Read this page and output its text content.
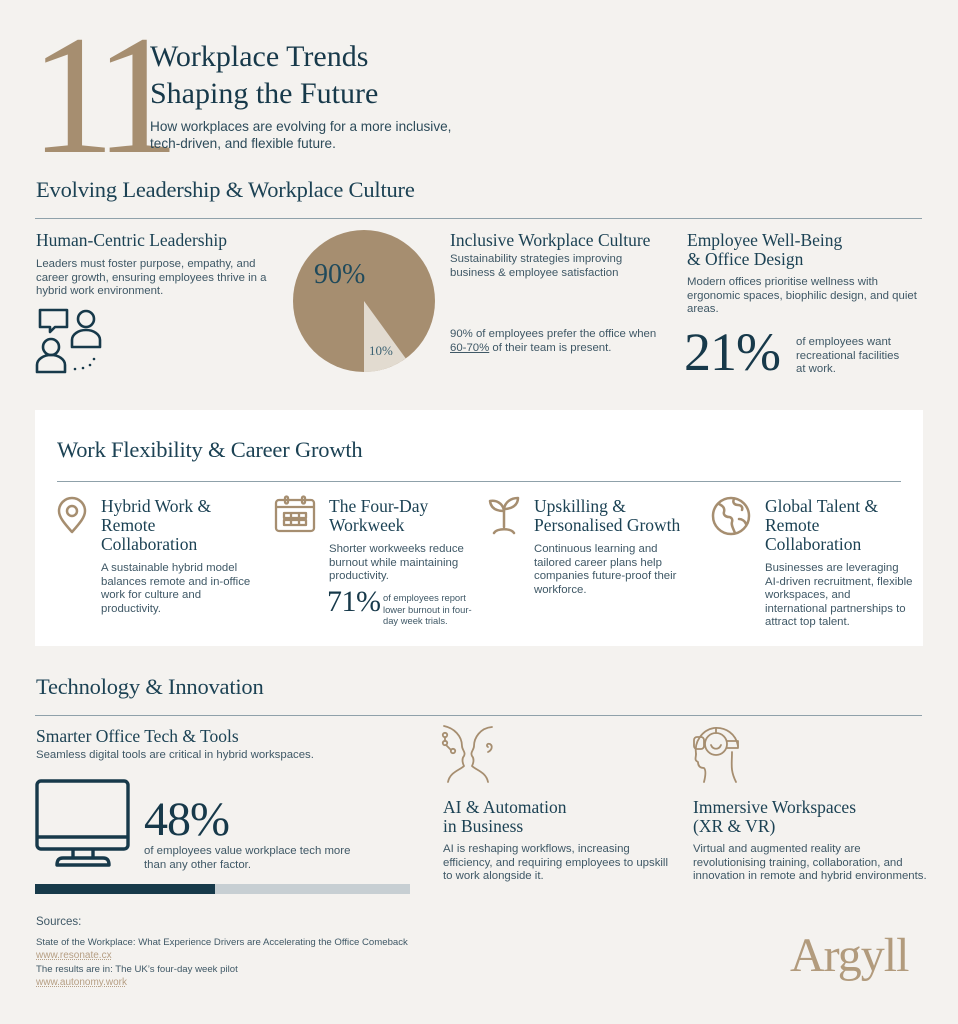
11
Workplace Trends
Shaping the Future
How workplaces are evolving for a more inclusive,
tech-driven, and flexible future.
Evolving Leadership & Workplace Culture
Human-Centric Leadership
Leaders must foster purpose, empathy, and career growth, ensuring employees thrive in a hybrid work environment.
90%
10%
Inclusive Workplace Culture
Sustainability strategies improving business & employee satisfaction
90% of employees prefer the office when
60-70% of their team is present.
Employee Well-Being
& Office Design
Modern offices prioritise wellness with ergonomic spaces, biophilic design, and quiet areas.
21% of employees want recreational facilities at work.
Work Flexibility & Career Growth
Hybrid Work & Remote Collaboration
A sustainable hybrid model balances remote and in-office work for culture and productivity.
The Four-Day Workweek
Shorter workweeks reduce burnout while maintaining productivity.
71% of employees report lower burnout in four-day week trials.
Upskilling & Personalised Growth
Continuous learning and tailored career plans help companies future-proof their workforce.
Global Talent & Remote Collaboration
Businesses are leveraging AI-driven recruitment, flexible workspaces, and international partnerships to attract top talent.
Technology & Innovation
Smarter Office Tech & Tools
Seamless digital tools are critical in hybrid workspaces.
48%
of employees value workplace tech more than any other factor.
AI & Automation
in Business
AI is reshaping workflows, increasing efficiency, and requiring employees to upskill to work alongside it.
Immersive Workspaces
(XR & VR)
Virtual and augmented reality are revolutionising training, collaboration, and innovation in remote and hybrid environments.
Sources:
State of the Workplace: What Experience Drivers are Accelerating the Office Comeback
www.resonate.cx
The results are in: The UK’s four-day week pilot
www.autonomy.work	Argyll
